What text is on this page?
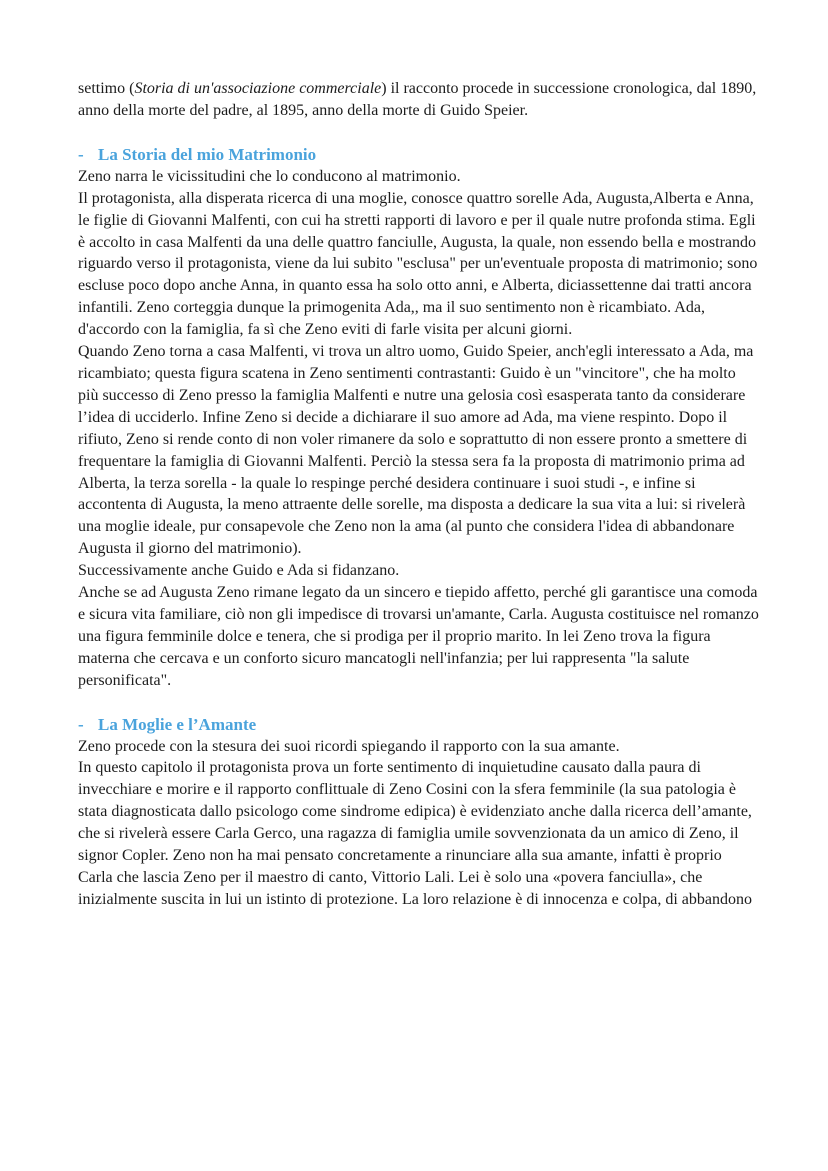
settimo (Storia di un'associazione commerciale) il racconto procede in successione cronologica, dal 1890, anno della morte del padre, al 1895, anno della morte di Guido Speier.

- La Storia del mio Matrimonio

Zeno narra le vicissitudini che lo conducono al matrimonio.

Il protagonista, alla disperata ricerca di una moglie, conosce quattro sorelle Ada, Augusta,Alberta e Anna, le figlie di Giovanni Malfenti, con cui ha stretti rapporti di lavoro e per il quale nutre profonda stima. Egli è accolto in casa Malfenti da una delle quattro fanciulle, Augusta, la quale, non essendo bella e mostrando riguardo verso il protagonista, viene da lui subito "esclusa" per un'eventuale proposta di matrimonio; sono escluse poco dopo anche Anna, in quanto essa ha solo otto anni, e Alberta, diciassettenne dai tratti ancora infantili. Zeno corteggia dunque la primogenita Ada,, ma il suo sentimento non è ricambiato. Ada, d'accordo con la famiglia, fa sì che Zeno eviti di farle visita per alcuni giorni.

Quando Zeno torna a casa Malfenti, vi trova un altro uomo, Guido Speier, anch'egli interessato a Ada, ma ricambiato; questa figura scatena in Zeno sentimenti contrastanti: Guido è un "vincitore", che ha molto più successo di Zeno presso la famiglia Malfenti e nutre una gelosia così esasperata tanto da considerare l’idea di ucciderlo. Infine Zeno si decide a dichiarare il suo amore ad Ada, ma viene respinto. Dopo il rifiuto, Zeno si rende conto di non voler rimanere da solo e soprattutto di non essere pronto a smettere di frequentare la famiglia di Giovanni Malfenti. Perciò la stessa sera fa la proposta di matrimonio prima ad Alberta, la terza sorella - la quale lo respinge perché desidera continuare i suoi studi -, e infine si accontenta di Augusta, la meno attraente delle sorelle, ma disposta a dedicare la sua vita a lui: si rivelerà una moglie ideale, pur consapevole che Zeno non la ama (al punto che considera l'idea di abbandonare Augusta il giorno del matrimonio).

Successivamente anche Guido e Ada si fidanzano.

Anche se ad Augusta Zeno rimane legato da un sincero e tiepido affetto, perché gli garantisce una comoda e sicura vita familiare, ciò non gli impedisce di trovarsi un'amante, Carla. Augusta costituisce nel romanzo una figura femminile dolce e tenera, che si prodiga per il proprio marito. In lei Zeno trova la figura materna che cercava e un conforto sicuro mancatogli nell'infanzia; per lui rappresenta "la salute personificata".

- La Moglie e l’Amante

Zeno procede con la stesura dei suoi ricordi spiegando il rapporto con la sua amante.

In questo capitolo il protagonista prova un forte sentimento di inquietudine causato dalla paura di invecchiare e morire e il rapporto conflittuale di Zeno Cosini con la sfera femminile (la sua patologia è stata diagnosticata dallo psicologo come sindrome edipica) è evidenziato anche dalla ricerca dell’amante, che si rivelerà essere Carla Gerco, una ragazza di famiglia umile sovvenzionata da un amico di Zeno, il signor Copler. Zeno non ha mai pensato concretamente a rinunciare alla sua amante, infatti è proprio Carla che lascia Zeno per il maestro di canto, Vittorio Lali. Lei è solo una «povera fanciulla», che inizialmente suscita in lui un istinto di protezione. La loro relazione è di innocenza e colpa, di abbandono
